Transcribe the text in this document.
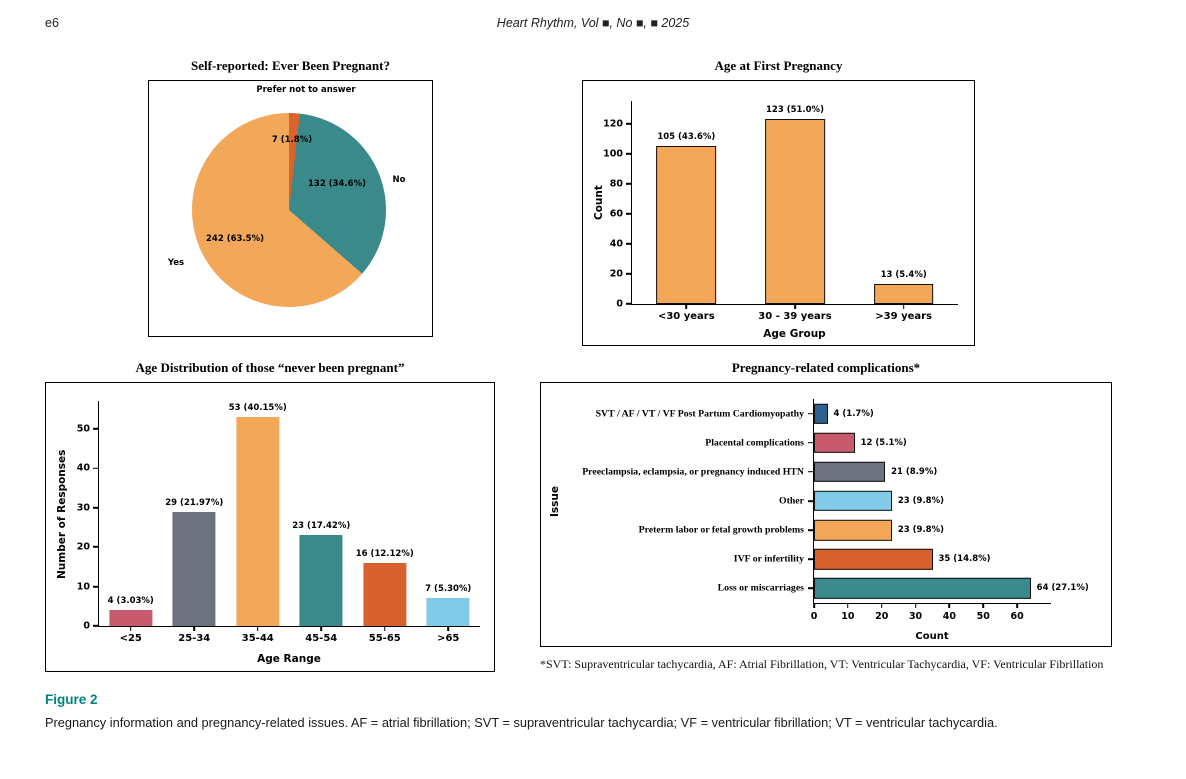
e6	Heart Rhythm, Vol ■, No ■, ■ 2025
Self-reported: Ever Been Pregnant?
Prefer not to answer
7 (1.8%)
No
132 (34.6%)
Yes
242 (63.5%)
Age at First Pregnancy
Count
0
20
40
60
80
100
120
105 (43.6%)
<30 years
123 (51.0%)
30 - 39 years
13 (5.4%)
>39 years
Age Group
Age Distribution of those “never been pregnant”
Number of Responses
0
10
20
30
40
50
4 (3.03%)
<25
29 (21.97%)
25-34
53 (40.15%)
35-44
23 (17.42%)
45-54
16 (12.12%)
55-65
7 (5.30%)
>65
Age Range
Pregnancy-related complications*
Issue
SVT / AF / VT / VF Post Partum Cardiomyopathy	4 (1.7%)
Placental complications	12 (5.1%)
Preeclampsia, eclampsia, or pregnancy induced HTN	21 (8.9%)
Other	23 (9.8%)
Preterm labor or fetal growth problems	23 (9.8%)
IVF or infertility	35 (14.8%)
Loss or miscarriages	64 (27.1%)
0	10 20 30 40 50 60
Count
*SVT: Supraventricular tachycardia, AF: Atrial Fibrillation, VT: Ventricular Tachycardia, VF: Ventricular Fibrillation
Figure 2
Pregnancy information and pregnancy-related issues. AF = atrial fibrillation; SVT = supraventricular tachycardia; VF = ventricular fibrillation; VT = ventricular tachycardia.
